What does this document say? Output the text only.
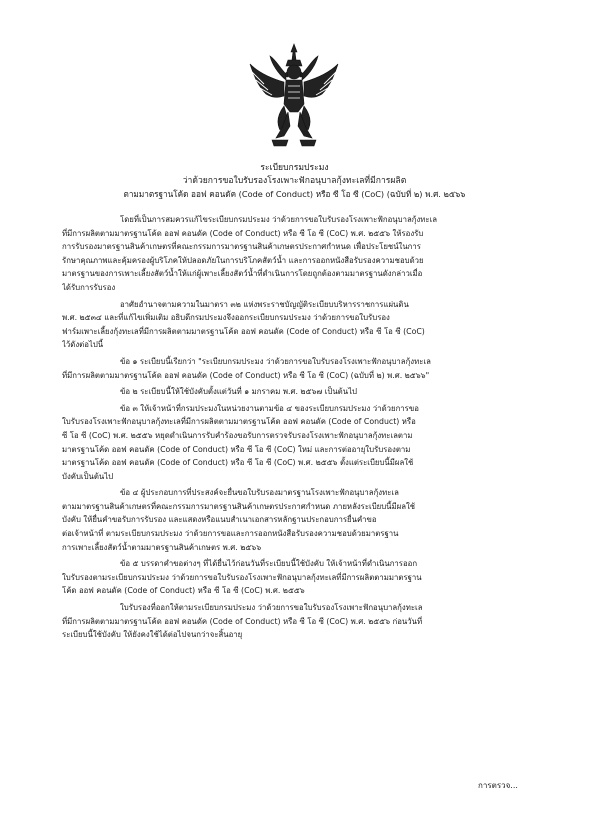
ระเบียบกรมประมง
ว่าด้วยการขอใบรับรองโรงเพาะฟักอนุบาลกุ้งทะเลที่มีการผลิต
ตามมาตรฐานโค้ด ออฟ คอนดัค (Code of Conduct) หรือ ซี โอ ซี (CoC) (ฉบับที่ ๒) พ.ศ. ๒๕๖๖
โดยที่เป็นการสมควรแก้ไขระเบียบกรมประมง ว่าด้วยการขอใบรับรองโรงเพาะฟักอนุบาลกุ้งทะเล
ที่มีการผลิตตามมาตรฐานโค้ด ออฟ คอนดัค (Code of Conduct) หรือ ซี โอ ซี (CoC) พ.ศ. ๒๕๕๖ ให้รองรับ
การรับรองมาตรฐานสินค้าเกษตรที่คณะกรรมการมาตรฐานสินค้าเกษตรประกาศกำหนด เพื่อประโยชน์ในการ
รักษาคุณภาพและคุ้มครองผู้บริโภคให้ปลอดภัยในการบริโภคสัตว์น้ำ และการออกหนังสือรับรองความชอบด้วย
มาตรฐานของการเพาะเลี้ยงสัตว์น้ำให้แก่ผู้เพาะเลี้ยงสัตว์น้ำที่ดำเนินการโดยถูกต้องตามมาตรฐานดังกล่าวเมื่อ
ได้รับการรับรอง
อาศัยอำนาจตามความในมาตรา ๓๒ แห่งพระราชบัญญัติระเบียบบริหารราชการแผ่นดิน
พ.ศ. ๒๕๓๔ และที่แก้ไขเพิ่มเติม อธิบดีกรมประมงจึงออกระเบียบกรมประมง ว่าด้วยการขอใบรับรอง
ฟาร์มเพาะเลี้ยงกุ้งทะเลที่มีการผลิตตามมาตรฐานโค้ด ออฟ คอนดัค (Code of Conduct) หรือ ซี โอ ซี (CoC)
ไว้ดังต่อไปนี้
ข้อ ๑ ระเบียบนี้เรียกว่า "ระเบียบกรมประมง ว่าด้วยการขอใบรับรองโรงเพาะฟักอนุบาลกุ้งทะเล
ที่มีการผลิตตามมาตรฐานโค้ด ออฟ คอนดัค (Code of Conduct) หรือ ซี โอ ซี (CoC) (ฉบับที่ ๒) พ.ศ. ๒๕๖๖"
ข้อ ๒ ระเบียบนี้ให้ใช้บังคับตั้งแต่วันที่ ๑ มกราคม พ.ศ. ๒๕๖๗ เป็นต้นไป
ข้อ ๓ ให้เจ้าหน้าที่กรมประมงในหน่วยงานตามข้อ ๔ ของระเบียบกรมประมง ว่าด้วยการขอ
ใบรับรองโรงเพาะฟักอนุบาลกุ้งทะเลที่มีการผลิตตามมาตรฐานโค้ด ออฟ คอนดัค (Code of Conduct) หรือ
ซี โอ ซี (CoC) พ.ศ. ๒๕๕๖ หยุดดำเนินการรับคำร้องขอรับการตรวจรับรองโรงเพาะฟักอนุบาลกุ้งทะเลตาม
มาตรฐานโค้ด ออฟ คอนดัค (Code of Conduct) หรือ ซี โอ ซี (CoC) ใหม่ และการต่ออายุใบรับรองตาม
มาตรฐานโค้ด ออฟ คอนดัค (Code of Conduct) หรือ ซี โอ ซี (CoC) พ.ศ. ๒๕๕๖ ตั้งแต่ระเบียบนี้มีผลใช้
บังคับเป็นต้นไป
ข้อ ๔ ผู้ประกอบการที่ประสงค์จะยื่นขอใบรับรองมาตรฐานโรงเพาะฟักอนุบาลกุ้งทะเล
ตามมาตรฐานสินค้าเกษตรที่คณะกรรมการมาตรฐานสินค้าเกษตรประกาศกำหนด ภายหลังระเบียบนี้มีผลใช้
บังคับ ให้ยื่นคำขอรับการรับรอง และแสดงหรือแนบสำเนาเอกสารหลักฐานประกอบการยื่นคำขอ
ต่อเจ้าหน้าที่ ตามระเบียบกรมประมง ว่าด้วยการขอและการออกหนังสือรับรองความชอบด้วยมาตรฐาน
การเพาะเลี้ยงสัตว์น้ำตามมาตรฐานสินค้าเกษตร พ.ศ. ๒๕๖๖
ข้อ ๕ บรรดาคำขอต่างๆ ที่ได้ยื่นไว้ก่อนวันที่ระเบียบนี้ใช้บังคับ ให้เจ้าหน้าที่ดำเนินการออก
ใบรับรองตามระเบียบกรมประมง ว่าด้วยการขอใบรับรองโรงเพาะฟักอนุบาลกุ้งทะเลที่มีการผลิตตามมาตรฐาน
โค้ด ออฟ คอนดัค (Code of Conduct) หรือ ซี โอ ซี (CoC) พ.ศ. ๒๕๕๖
ใบรับรองที่ออกให้ตามระเบียบกรมประมง ว่าด้วยการขอใบรับรองโรงเพาะฟักอนุบาลกุ้งทะเล
ที่มีการผลิตตามมาตรฐานโค้ด ออฟ คอนดัค (Code of Conduct) หรือ ซี โอ ซี (CoC) พ.ศ. ๒๕๕๖ ก่อนวันที่
ระเบียบนี้ใช้บังคับ ให้ยังคงใช้ได้ต่อไปจนกว่าจะสิ้นอายุ
การตรวจ...
